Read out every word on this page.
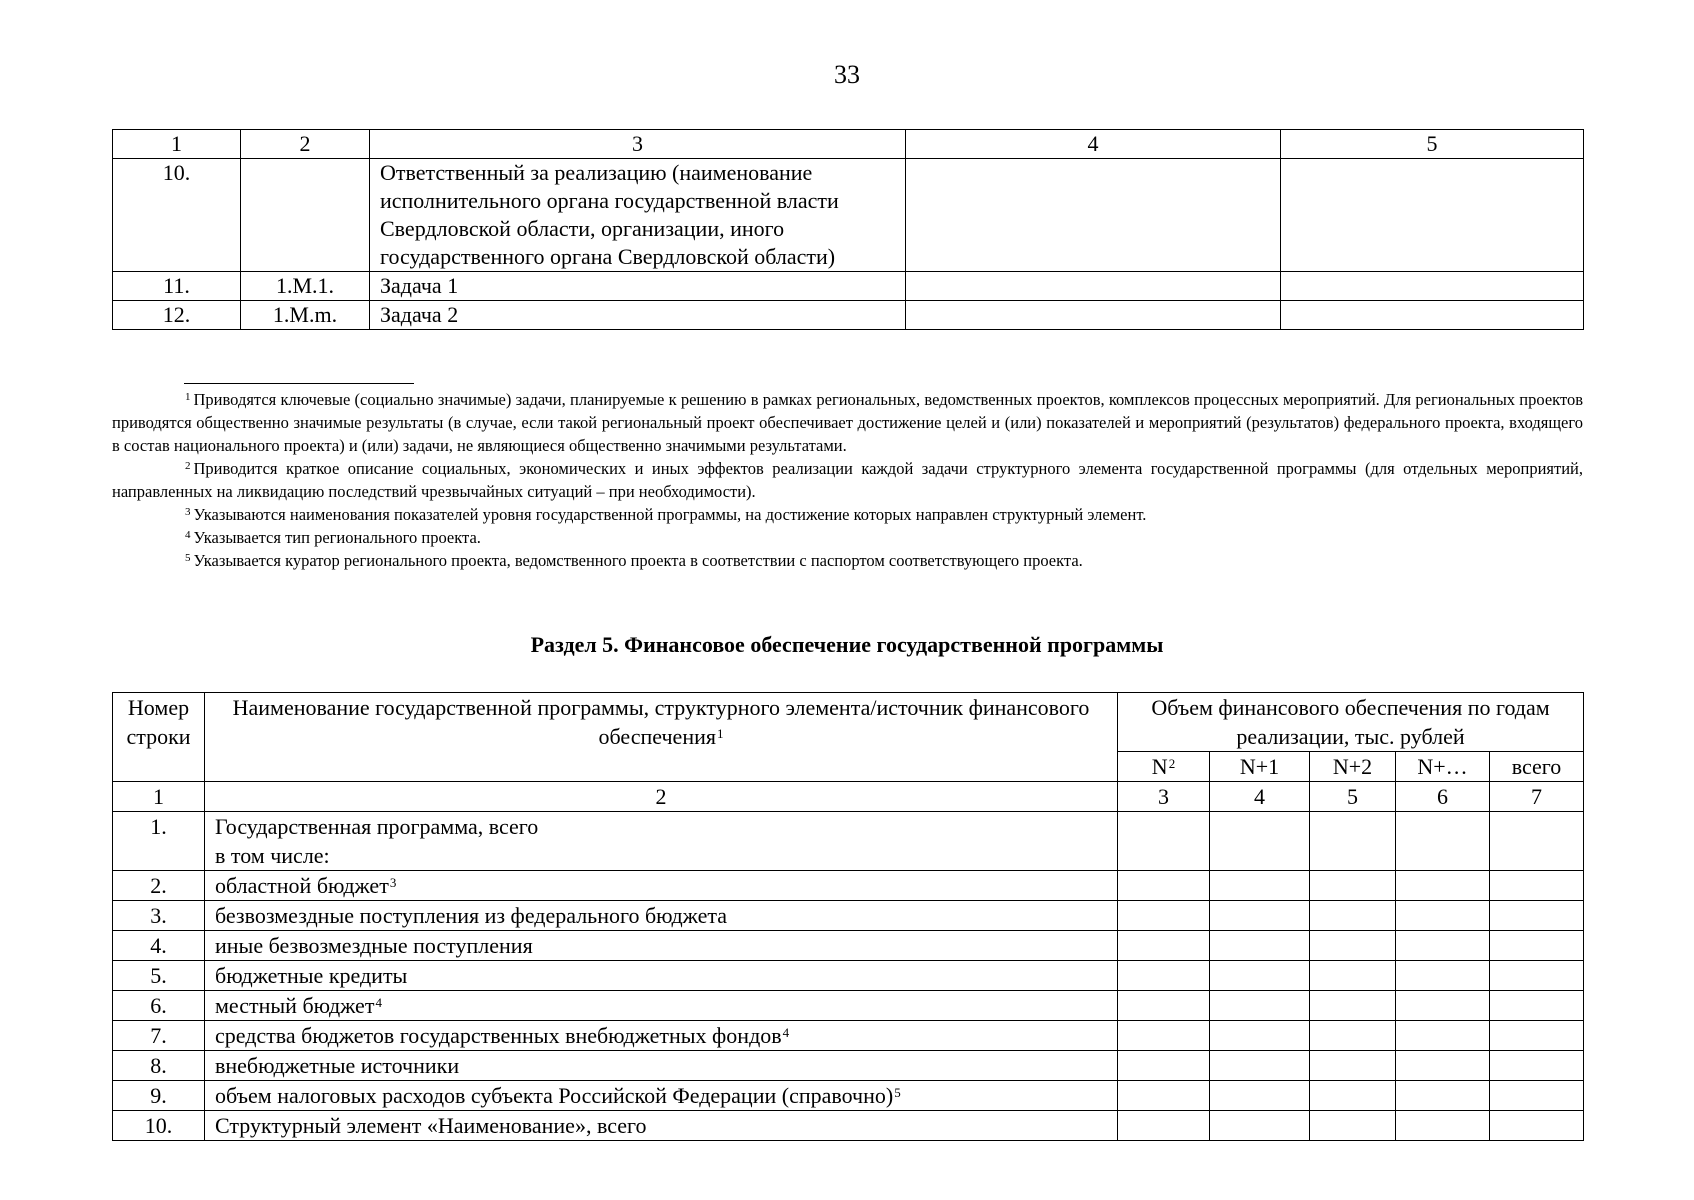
33
1	2	3	4	5
10.		Ответственный за реализацию (наименование исполнительного органа государственной власти Свердловской области, организации, иного государственного органа Свердловской области)		
11.	1.М.1.	Задача 1		
12.	1.М.m.	Задача 2		

$^1$ Приводятся ключевые (социально значимые) задачи, планируемые к решению в рамках региональных, ведомственных проектов, комплексов процессных мероприятий. Для региональных проектов приводятся общественно значимые результаты (в случае, если такой региональный проект обеспечивает достижение целей и (или) показателей и мероприятий (результатов) федерального проекта, входящего в состав национального проекта) и (или) задачи, не являющиеся общественно значимыми результатами.

$^2$ Приводится краткое описание социальных, экономических и иных эффектов реализации каждой задачи структурного элемента государственной программы (для отдельных мероприятий, направленных на ликвидацию последствий чрезвычайных ситуаций – при необходимости).

$^3$ Указываются наименования показателей уровня государственной программы, на достижение которых направлен структурный элемент.

$^4$ Указывается тип регионального проекта.

$^5$ Указывается куратор регионального проекта, ведомственного проекта в соответствии с паспортом соответствующего проекта.

Раздел 5. Финансовое обеспечение государственной программы
Номер строки	Наименование государственной программы, структурного элемента/источник финансового обеспечения$^1$	Объем финансового обеспечения по годам реализации, тыс. рублей				
		$N^2$	N+1	N+2	N+…	всего
1	2	3	4	5	6	7
1.	Государственная программа, всего
в том числе:					

2.	областной бюджет$^3$					
3.	безвозмездные поступления из федерального бюджета					
4.	иные безвозмездные поступления					
5.	бюджетные кредиты					
6.	местный бюджет$^4$					
7.	средства бюджетов государственных внебюджетных фондов$^4$					
8.	внебюджетные источники					
9.	объем налоговых расходов субъекта Российской Федерации (справочно)$^5$					
10.	Структурный элемент «Наименование», всего					
